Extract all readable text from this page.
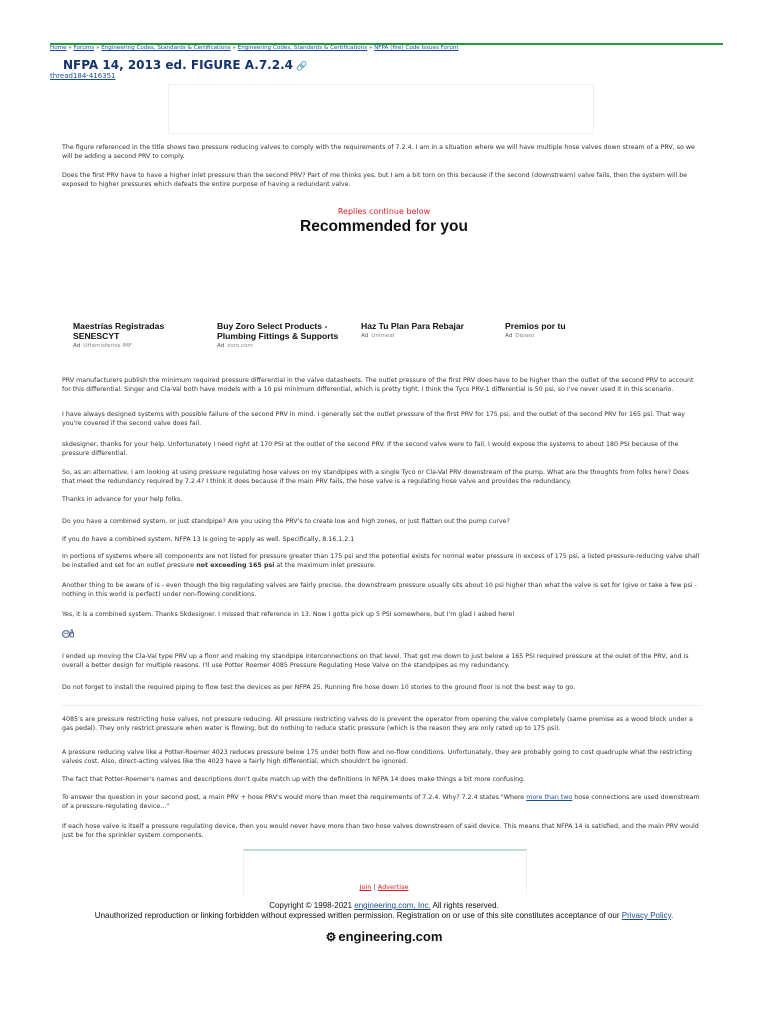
Home » Forums » Engineering Codes, Standards & Certifications » Engineering Codes, Standards & Certifications » NFPA (fire) Code Issues Forum
NFPA 14, 2013 ed. FIGURE A.7.2.4 🔗
thread184-416351

The figure referenced in the title shows two pressure reducing valves to comply with the requirements of 7.2.4. I am in a situation where we will have multiple hose valves down stream of a PRV, so we will be adding a second PRV to comply.

Does the first PRV have to have a higher inlet pressure than the second PRV? Part of me thinks yes, but I am a bit torn on this because if the second (downstream) valve fails, then the system will be exposed to higher pressures which defeats the entire purpose of having a redundant valve.

Replies continue below
Recommended for you
Maestrías Registradas
SENESCYT
Ad UHemisferios IMF
Buy Zoro Select Products -
Plumbing Fittings & Supports
Ad zoro.com
Haz Tu Plan Para Rebajar
Ad Unimeal
Premios por tu
Ad Dipaso

PRV manufacturers publish the minimum required pressure differential in the valve datasheets. The outlet pressure of the first PRV does have to be higher than the outlet of the second PRV to account for this differential. Singer and Cla-Val both have models with a 10 psi minimum differential, which is pretty tight. I think the Tyco PRV-1 differential is 50 psi, so I've never used it in this scenario.

I have always designed systems with possible failure of the second PRV in mind. I generally set the outlet pressure of the first PRV for 175 psi, and the outlet of the second PRV for 165 psi. That way you're covered if the second valve does fail.

skdesigner, thanks for your help. Unfortunately I need right at 170 PSI at the outlet of the second PRV. If the second valve were to fail, I would expose the systems to about 180 PSI because of the pressure differential.

So, as an alternative, I am looking at using pressure regulating hose valves on my standpipes with a single Tyco or Cla-Val PRV downstream of the pump. What are the thoughts from folks here? Does that meet the redundancy required by 7.2.4? I think it does because if the main PRV fails, the hose valve is a regulating hose valve and provides the redundancy.

Thanks in advance for your help folks.

Do you have a combined system, or just standpipe? Are you using the PRV's to create low and high zones, or just flatten out the pump curve?

If you do have a combined system, NFPA 13 is going to apply as well. Specifically, 8.16.1.2.1

In portions of systems where all components are not listed for pressure greater than 175 psi and the potential exists for normal water pressure in excess of 175 psi, a listed pressure-reducing valve shall be installed and set for an outlet pressure not exceeding 165 psi at the maximum inlet pressure.

Another thing to be aware of is - even though the big regulating valves are fairly precise, the downstream pressure usually sits about 10 psi higher than what the valve is set for (give or take a few psi - nothing in this world is perfect) under non-flowing conditions.

Yes, it is a combined system. Thanks Skdesigner. I missed that reference in 13. Now I gotta pick up 5 PSI somewhere, but I'm glad I asked here!

I ended up moving the Cla-Val type PRV up a floor and making my standpipe interconnections on that level. That got me down to just below a 165 PSI required pressure at the oulet of the PRV, and is overall a better design for multiple reasons. I'll use Potter Roemer 4085 Pressure Regulating Hose Valve on the standpipes as my redundancy.

Do not forget to install the required piping to flow test the devices as per NFPA 25. Running fire hose down 10 stories to the ground floor is not the best way to go.

4085's are pressure restricting hose valves, not pressure reducing. All pressure restricting valves do is prevent the operator from opening the valve completely (same premise as a wood block under a gas pedal). They only restrict pressure when water is flowing, but do nothing to reduce static pressure (which is the reason they are only rated up to 175 psi).

A pressure reducing valve like a Potter-Roemer 4023 reduces pressure below 175 under both flow and no-flow conditions. Unfortunately, they are probably going to cost quadruple what the restricting valves cost. Also, direct-acting valves like the 4023 have a fairly high differential, which shouldn't be ignored.

The fact that Potter-Roemer's names and descriptions don't quite match up with the definitions in NFPA 14 does make things a bit more confusing.

To answer the question in your second post, a main PRV + hose PRV's would more than meet the requirements of 7.2.4. Why? 7.2.4 states "Where more than two hose connections are used downstream of a pressure-regulating device..."

If each hose valve is itself a pressure regulating device, then you would never have more than two hose valves downstream of said device. This means that NFPA 14 is satisfied, and the main PRV would just be for the sprinkler system components.

Join | Advertise
Copyright © 1998-2021 engineering.com, Inc. All rights reserved.
Unauthorized reproduction or linking forbidden without expressed written permission. Registration on or use of this site constitutes acceptance of our Privacy Policy.
⚙ engineering.com
